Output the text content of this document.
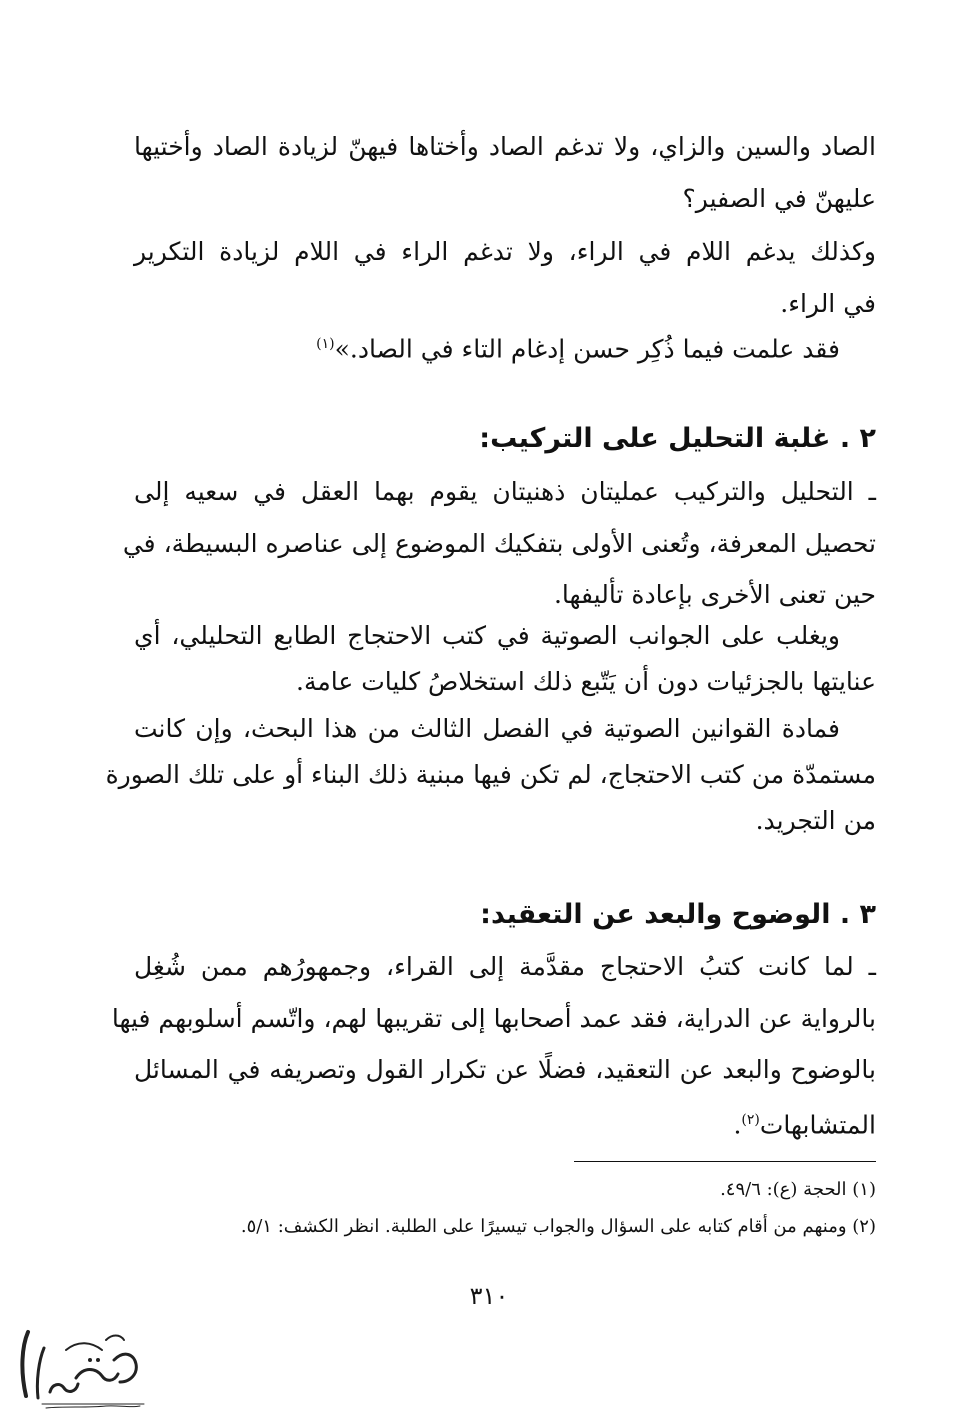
الصاد والسين والزاي، ولا تدغم الصاد وأختاها فيهنّ لزيادة الصاد وأختيها
عليهنّ في الصفير؟
وكذلك يدغم اللام في الراء، ولا تدغم الراء في اللام لزيادة التكرير
في الراء.
فقد علمت فيما ذُكِر حسن إدغام التاء في الصاد.»$^{(١)}$
٢ . غلبة التحليل على التركيب:
ـ التحليل والتركيب عمليتان ذهنيتان يقوم بهما العقل في سعيه إلى
تحصيل المعرفة، وتُعنى الأولى بتفكيك الموضوع إلى عناصره البسيطة، في
حين تعنى الأخرى بإعادة تأليفها.
ويغلب على الجوانب الصوتية في كتب الاحتجاج الطابع التحليلي، أي
عنايتها بالجزئيات دون أن يَتّبع ذلك استخلاصُ كليات عامة.
فمادة القوانين الصوتية في الفصل الثالث من هذا البحث، وإن كانت
مستمدّة من كتب الاحتجاج، لم تكن فيها مبنية ذلك البناء أو على تلك الصورة
من التجريد.
٣ . الوضوح والبعد عن التعقيد:
ـ لما كانت كتبُ الاحتجاج مقدَّمة إلى القراء، وجمهورُهم ممن شُغِل
بالرواية عن الدراية، فقد عمد أصحابها إلى تقريبها لهم، واتّسم أسلوبهم فيها
بالوضوح والبعد عن التعقيد، فضلًا عن تكرار القول وتصريفه في المسائل
المتشابهات$^{(٢)}$.
(١) الحجة (ع): ٤٩/٦.
(٢) ومنهم من أقام كتابه على السؤال والجواب تيسيرًا على الطلبة. انظر الكشف: ٥/١.
٣١٠
